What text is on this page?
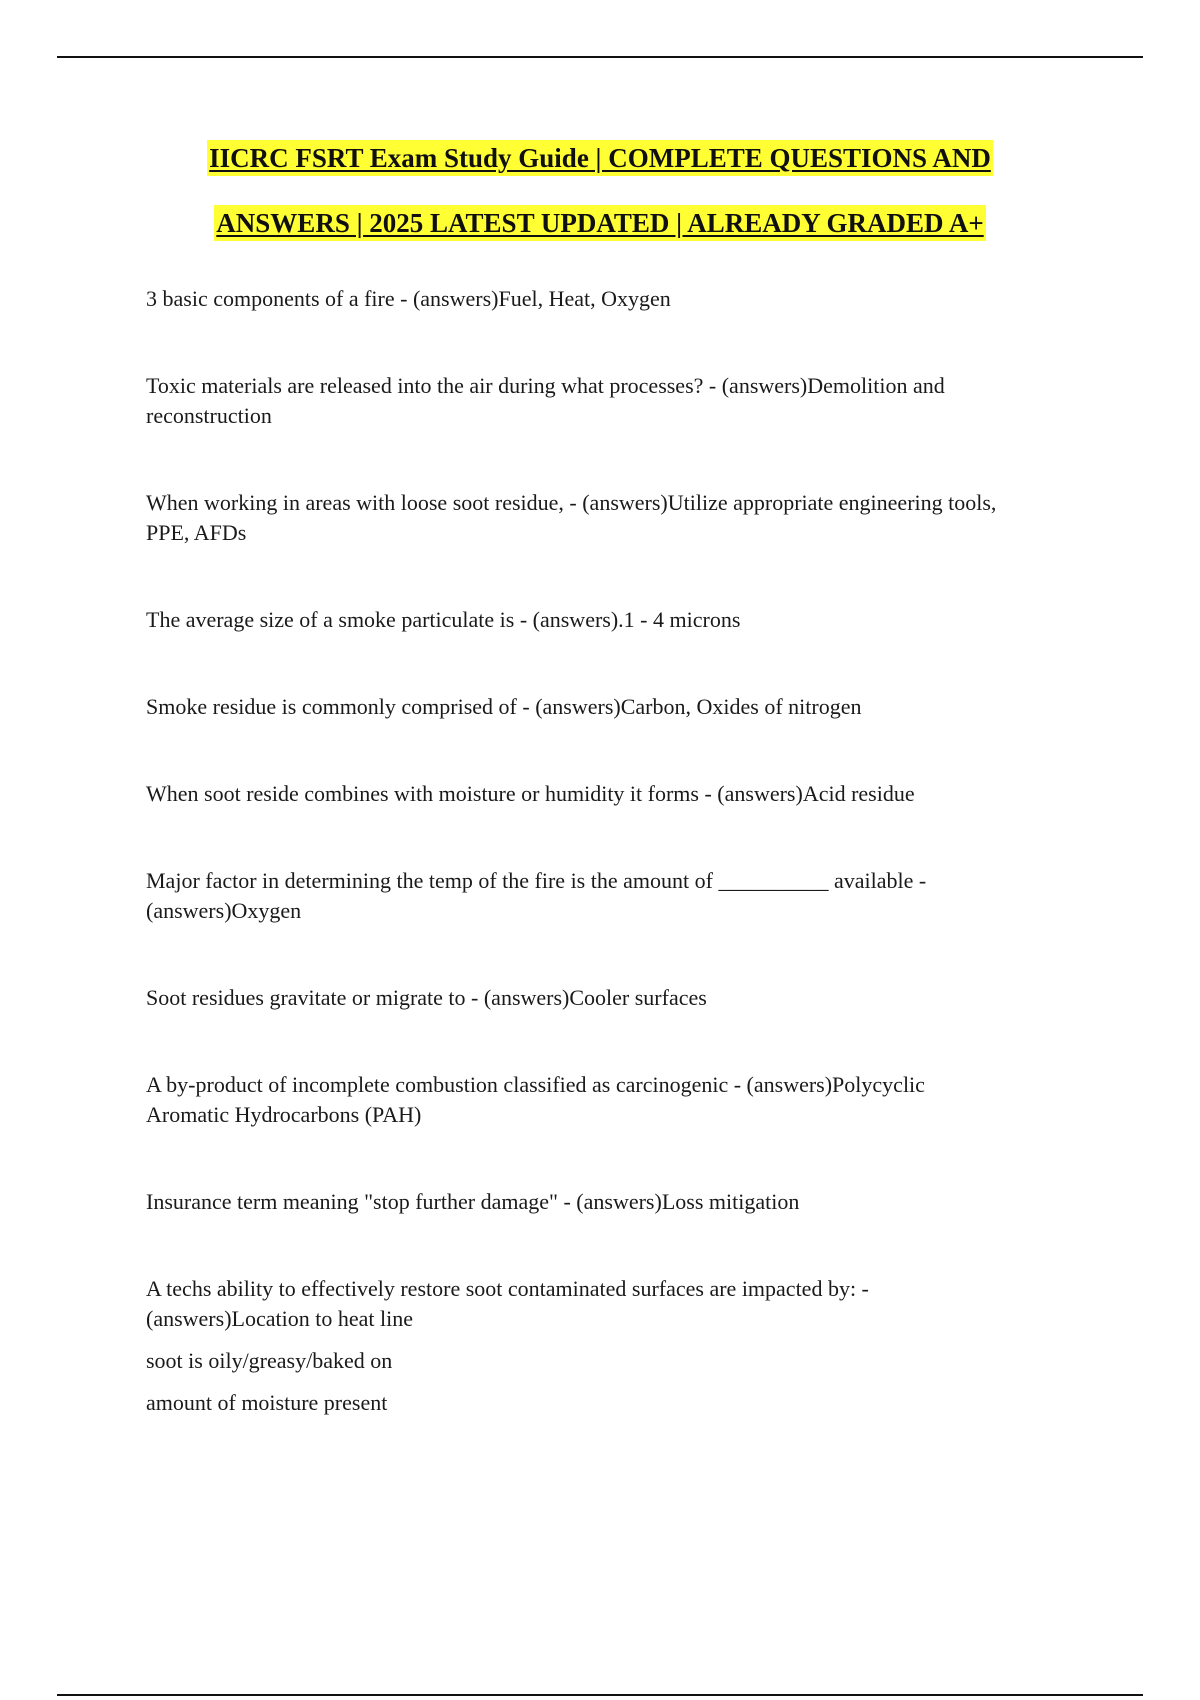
IICRC FSRT Exam Study Guide | COMPLETE QUESTIONS AND
ANSWERS | 2025 LATEST UPDATED | ALREADY GRADED A+

3 basic components of a fire - (answers)Fuel, Heat, Oxygen

Toxic materials are released into the air during what processes? - (answers)Demolition and
reconstruction

When working in areas with loose soot residue, - (answers)Utilize appropriate engineering tools,
PPE, AFDs

The average size of a smoke particulate is - (answers).1 - 4 microns

Smoke residue is commonly comprised of - (answers)Carbon, Oxides of nitrogen

When soot reside combines with moisture or humidity it forms - (answers)Acid residue

Major factor in determining the temp of the fire is the amount of __________ available -
(answers)Oxygen

Soot residues gravitate or migrate to - (answers)Cooler surfaces

A by-product of incomplete combustion classified as carcinogenic - (answers)Polycyclic
Aromatic Hydrocarbons (PAH)

Insurance term meaning "stop further damage" - (answers)Loss mitigation

A techs ability to effectively restore soot contaminated surfaces are impacted by: -
(answers)Location to heat line

soot is oily/greasy/baked on
amount of moisture present
